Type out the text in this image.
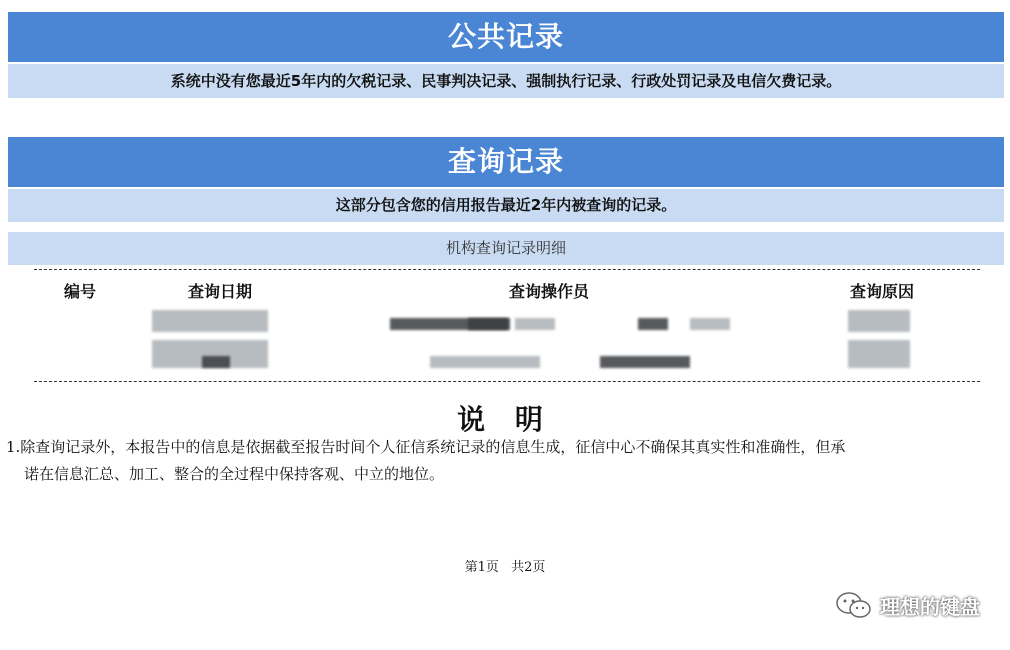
公共记录
系统中没有您最近5年内的欠税记录、民事判决记录、强制执行记录、行政处罚记录及电信欠费记录。
查询记录
这部分包含您的信用报告最近2年内被查询的记录。
机构查询记录明细
编号	查询日期	查询操作员	查询原因
说 明
1.除查询记录外，本报告中的信息是依据截至报告时间个人征信系统记录的信息生成，征信中心不确保其真实性和准确性，但承
诺在信息汇总、加工、整合的全过程中保持客观、中立的地位。
第1页 共2页
理想的键盘
